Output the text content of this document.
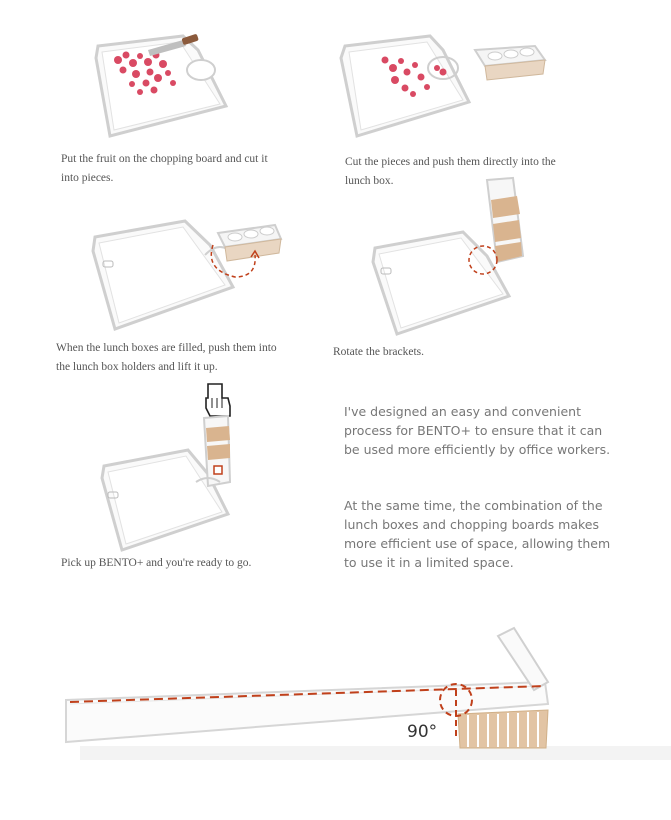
Put the fruit on the chopping board and cut it
into pieces.
Cut the pieces and push them directly into the
lunch box.
When the lunch boxes are filled, push them into
the lunch box holders and lift it up.
Rotate the brackets.
Pick up BENTO+ and you're ready to go.
I've designed an easy and convenient process for BENTO+ to ensure that it can be used more efficiently by office workers.
At the same time, the combination of the lunch boxes and chopping boards makes more efficient use of space, allowing them to use it in a limited space.
90°
